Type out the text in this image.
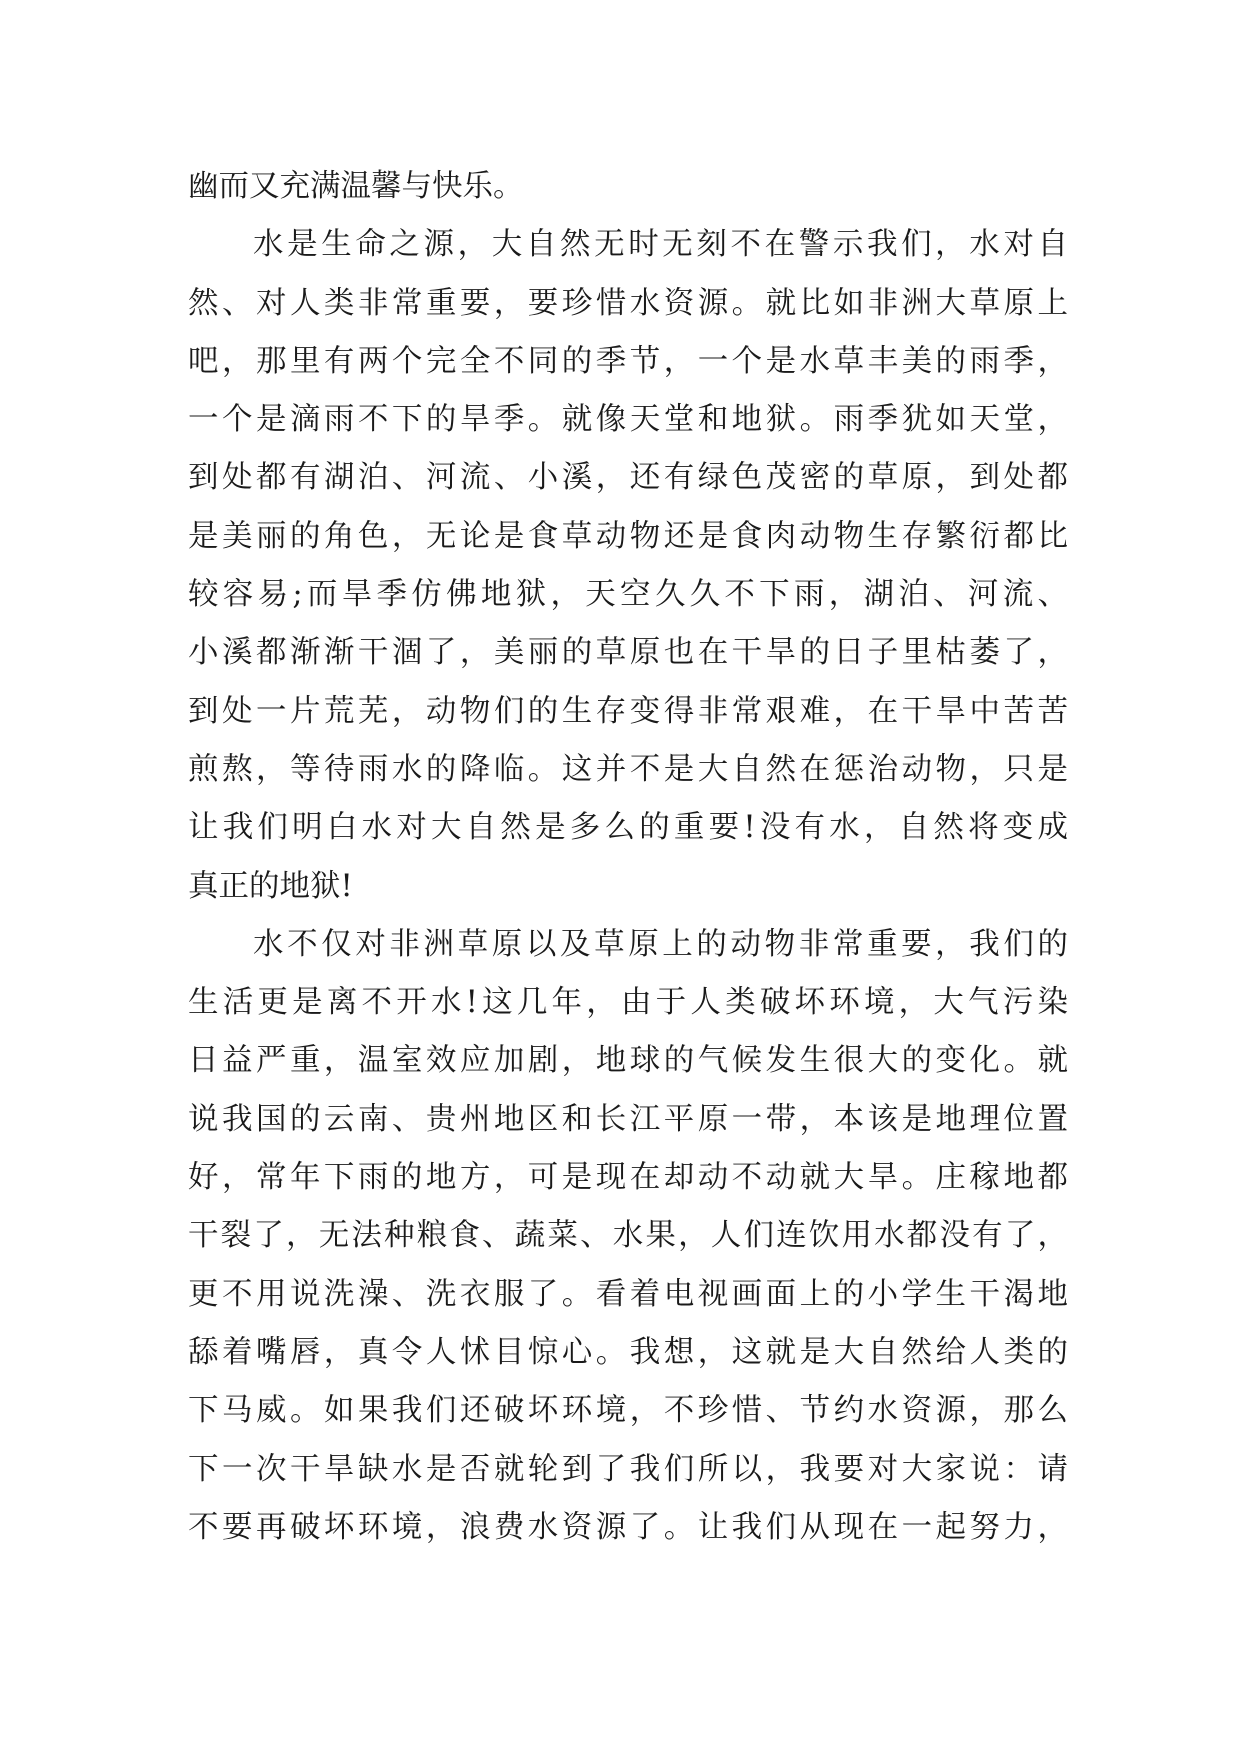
幽而又充满温馨与快乐。
水是生命之源，大自然无时无刻不在警示我们，水对自
然、对人类非常重要，要珍惜水资源。就比如非洲大草原上
吧，那里有两个完全不同的季节，一个是水草丰美的雨季，
一个是滴雨不下的旱季。就像天堂和地狱。雨季犹如天堂，
到处都有湖泊、河流、小溪，还有绿色茂密的草原，到处都
是美丽的角色，无论是食草动物还是食肉动物生存繁衍都比
较容易;而旱季仿佛地狱，天空久久不下雨，湖泊、河流、
小溪都渐渐干涸了，美丽的草原也在干旱的日子里枯萎了，
到处一片荒芜，动物们的生存变得非常艰难，在干旱中苦苦
煎熬，等待雨水的降临。这并不是大自然在惩治动物，只是
让我们明白水对大自然是多么的重要!没有水，自然将变成
真正的地狱!
水不仅对非洲草原以及草原上的动物非常重要，我们的
生活更是离不开水!这几年，由于人类破坏环境，大气污染
日益严重，温室效应加剧，地球的气候发生很大的变化。就
说我国的云南、贵州地区和长江平原一带，本该是地理位置
好，常年下雨的地方，可是现在却动不动就大旱。庄稼地都
干裂了，无法种粮食、蔬菜、水果，人们连饮用水都没有了，
更不用说洗澡、洗衣服了。看着电视画面上的小学生干渴地
舔着嘴唇，真令人怵目惊心。我想，这就是大自然给人类的
下马威。如果我们还破坏环境，不珍惜、节约水资源，那么
下一次干旱缺水是否就轮到了我们所以，我要对大家说：请
不要再破坏环境，浪费水资源了。让我们从现在一起努力，
